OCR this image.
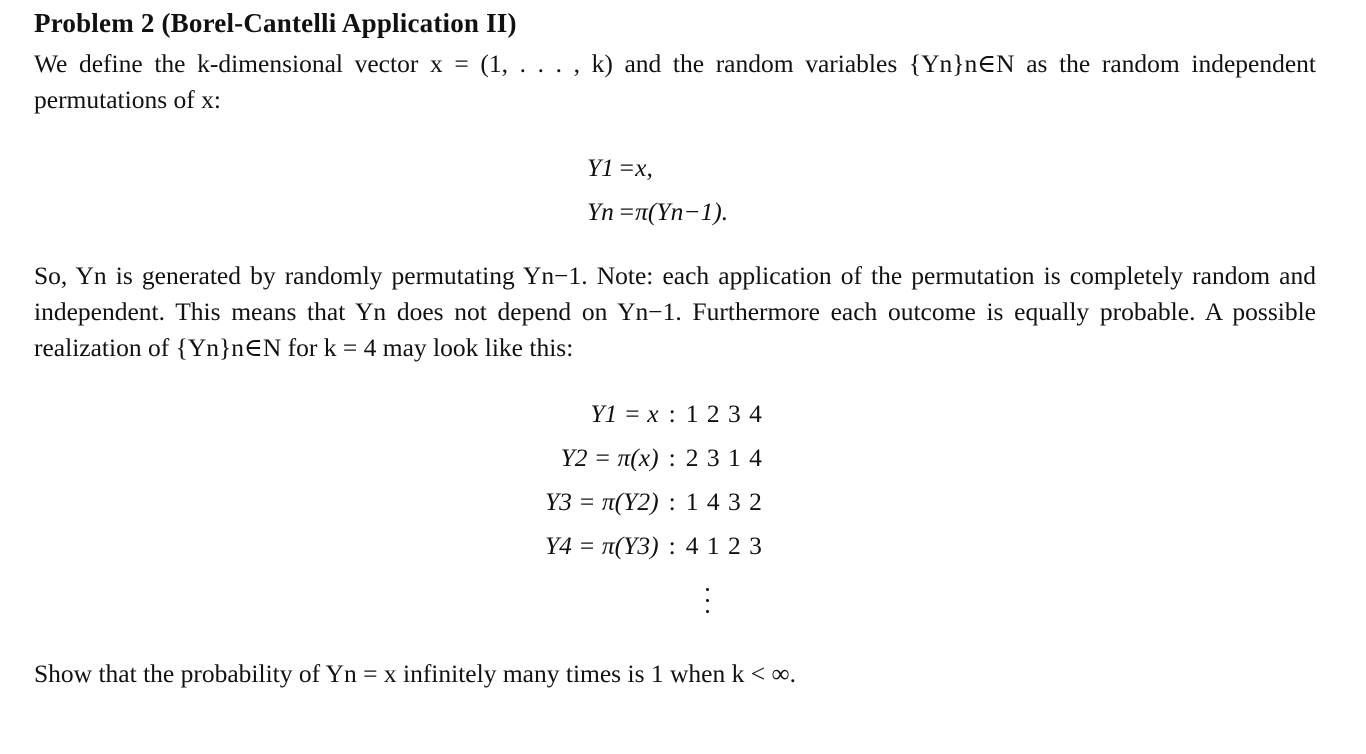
Problem 2 (Borel-Cantelli Application II)
We define the k-dimensional vector x = (1, . . . , k) and the random variables {Yn}n∈N as the random independent permutations of x:
Y1 =x,
Yn =π(Yn−1).
So, Yn is generated by randomly permutating Yn−1. Note: each application of the permutation is completely random and independent. This means that Yn does not depend on Yn−1. Furthermore each outcome is equally probable. A possible realization of {Yn}n∈N for k = 4 may look like this:
Y1 = x : 1 2 3 4
Y2 = π(x) : 2 3 1 4
Y3 = π(Y2) : 1 4 3 2
Y4 = π(Y3) : 4 1 2 3
Show that the probability of Yn = x infinitely many times is 1 when k < ∞.
